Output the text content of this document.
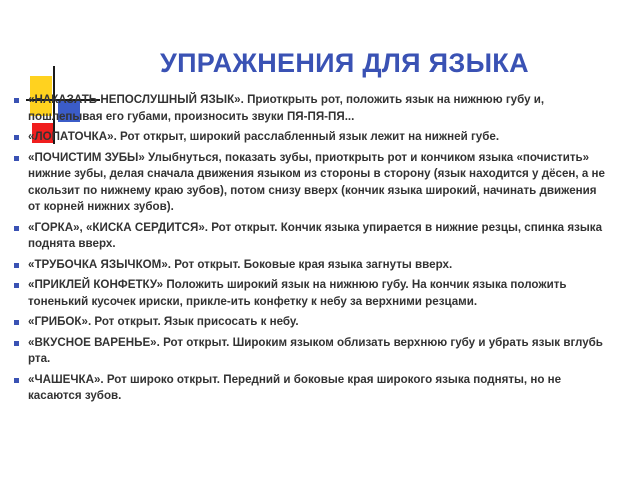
УПРАЖНЕНИЯ ДЛЯ ЯЗЫКА
«НАКАЗАТЬ НЕПОСЛУШНЫЙ ЯЗЫК». Приоткрыть рот, положить язык на нижнюю губу и, пошлепывая его губами, произносить звуки ПЯ-ПЯ-ПЯ...
«ЛОПАТОЧКА». Рот открыт, широкий расслабленный язык лежит на нижней губе.
«ПОЧИСТИМ ЗУБЫ» Улыбнуться, показать зубы, приоткрыть рот и кончиком языка «почистить» нижние зубы, делая сначала движения языком из стороны в сторону (язык находится у дёсен, а не скользит по нижнему краю зубов), потом снизу вверх (кончик языка широкий, начинать движения от корней нижних зубов).
«ГОРКА», «КИСКА СЕРДИТСЯ». Рот открыт. Кончик языка упирается в нижние резцы, спинка языка поднята вверх.
«ТРУБОЧКА ЯЗЫЧКОМ». Рот открыт. Боковые края языка загнуты вверх.
«ПРИКЛЕЙ КОНФЕТКУ» Положить широкий язык на нижнюю губу. На кончик языка положить тоненький кусочек ириски, прикле-ить конфетку к небу за верхними резцами.
«ГРИБОК». Рот открыт. Язык присосать к небу.
«ВКУСНОЕ ВАРЕНЬЕ». Рот открыт. Широким языком облизать верхнюю губу и убрать язык вглубь рта.
«ЧАШЕЧКА». Рот широко открыт. Передний и боковые края широкого языка подняты, но не касаются зубов.
